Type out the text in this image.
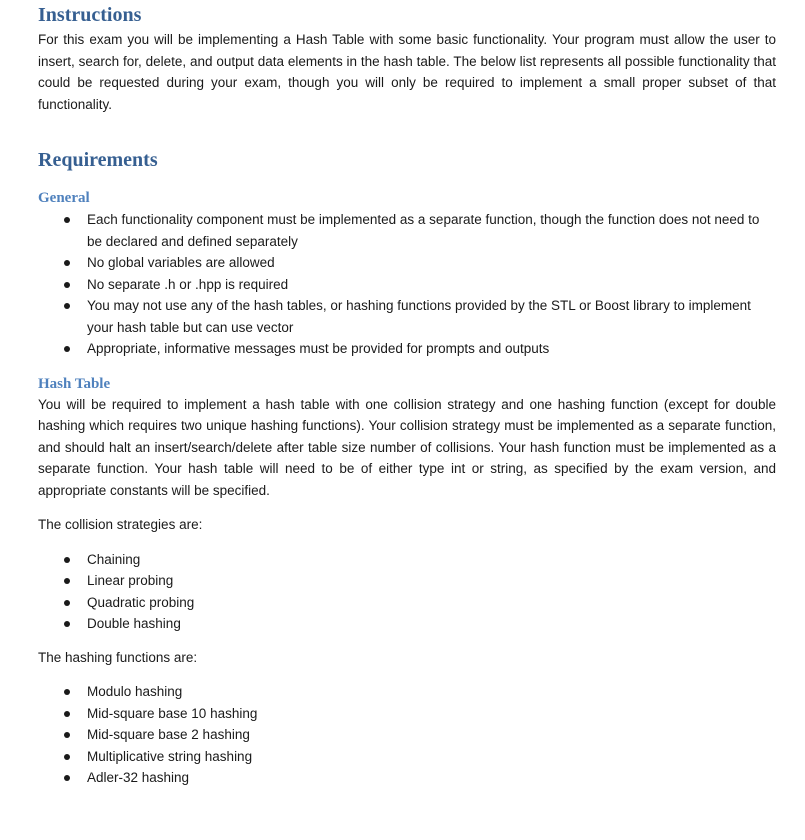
Instructions

For this exam you will be implementing a Hash Table with some basic functionality. Your program must allow the user to insert, search for, delete, and output data elements in the hash table. The below list represents all possible functionality that could be requested during your exam, though you will only be required to implement a small proper subset of that functionality.

Requirements
General
Each functionality component must be implemented as a separate function, though the function does not need to be declared and defined separately
No global variables are allowed
No separate .h or .hpp is required
You may not use any of the hash tables, or hashing functions provided by the STL or Boost library to implement your hash table but can use vector
Appropriate, informative messages must be provided for prompts and outputs
Hash Table

You will be required to implement a hash table with one collision strategy and one hashing function (except for double hashing which requires two unique hashing functions). Your collision strategy must be implemented as a separate function, and should halt an insert/search/delete after table size number of collisions. Your hash function must be implemented as a separate function. Your hash table will need to be of either type int or string, as specified by the exam version, and appropriate constants will be specified.

The collision strategies are:

Chaining
Linear probing
Quadratic probing
Double hashing

The hashing functions are:

Modulo hashing
Mid-square base 10 hashing
Mid-square base 2 hashing
Multiplicative string hashing
Adler-32 hashing
